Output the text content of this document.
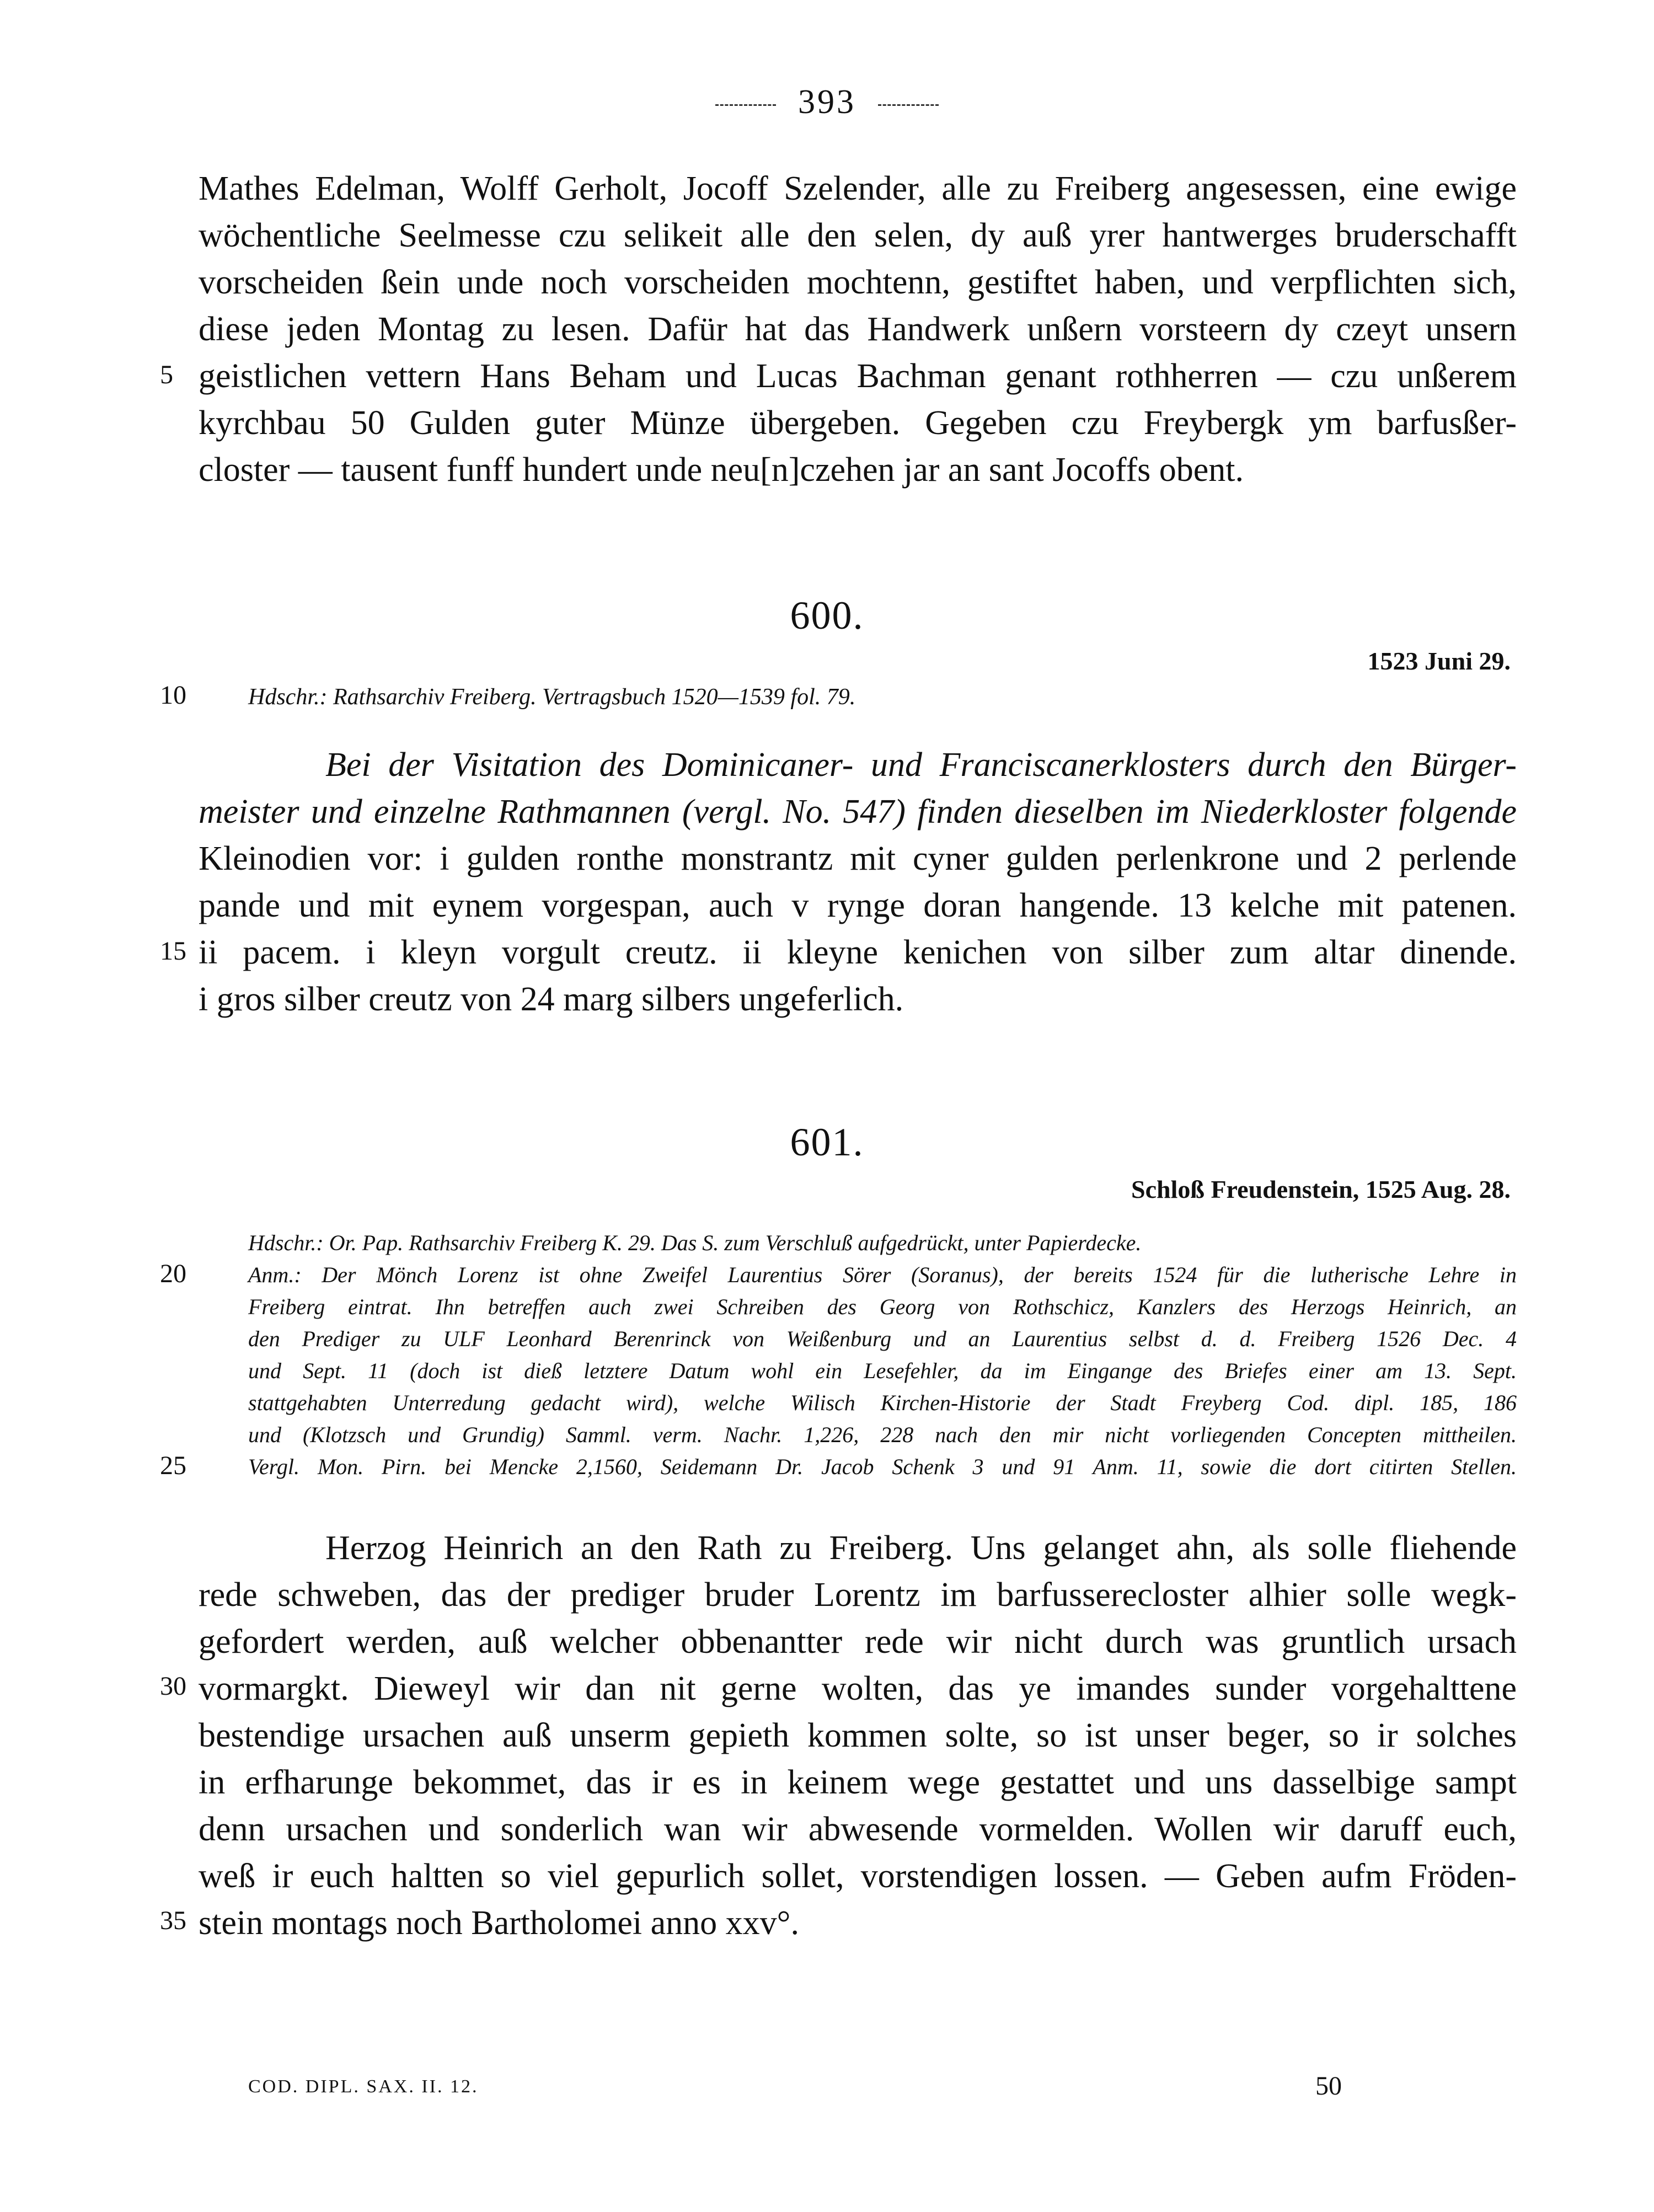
393
Mathes Edelman, Wolff Gerholt, Jocoff Szelender, alle zu Freiberg angesessen, eine ewige
wöchentliche Seelmesse czu selikeit alle den selen, dy auß yrer hantwerges bruderschafft
vorscheiden ßein unde noch vorscheiden mochtenn, gestiftet haben, und verpflichten sich,
diese jeden Montag zu lesen. Dafür hat das Handwerk unßern vorsteern dy czeyt unsern
geistlichen vettern Hans Beham und Lucas Bachman genant rothherren — czu unßerem
kyrchbau 50 Gulden guter Münze übergeben. Gegeben czu Freybergk ym barfusßer-
closter — tausent funff hundert unde neu[n]czehen jar an sant Jocoffs obent.
5
600.
1523 Juni 29.
10	Hdschr.: Rathsarchiv Freiberg. Vertragsbuch 1520—1539 fol. 79.
Bei der Visitation des Dominicaner- und Franciscanerklosters durch den Bürger-
meister und einzelne Rathmannen (vergl. No. 547) finden dieselben im Niederkloster folgende
Kleinodien vor: i gulden ronthe monstrantz mit cyner gulden perlenkrone und 2 perlende
pande und mit eynem vorgespan, auch v rynge doran hangende. 13 kelche mit patenen.
ii pacem. i kleyn vorgult creutz. ii kleyne kenichen von silber zum altar dinende.
i gros silber creutz von 24 marg silbers ungeferlich.
15
601.
Schloß Freudenstein, 1525 Aug. 28.
Hdschr.: Or. Pap. Rathsarchiv Freiberg K. 29. Das S. zum Verschluß aufgedrückt, unter Papierdecke.
Anm.: Der Mönch Lorenz ist ohne Zweifel Laurentius Sörer (Soranus), der bereits 1524 für die lutherische Lehre in
Freiberg eintrat. Ihn betreffen auch zwei Schreiben des Georg von Rothschicz, Kanzlers des Herzogs Heinrich, an
den Prediger zu ULF Leonhard Berenrinck von Weißenburg und an Laurentius selbst d. d. Freiberg 1526 Dec. 4
und Sept. 11 (doch ist dieß letztere Datum wohl ein Lesefehler, da im Eingange des Briefes einer am 13. Sept.
stattgehabten Unterredung gedacht wird), welche Wilisch Kirchen-Historie der Stadt Freyberg Cod. dipl. 185, 186
und (Klotzsch und Grundig) Samml. verm. Nachr. 1,226, 228 nach den mir nicht vorliegenden Concepten mittheilen.
Vergl. Mon. Pirn. bei Mencke 2,1560, Seidemann Dr. Jacob Schenk 3 und 91 Anm. 11, sowie die dort citirten Stellen.
20
25
Herzog Heinrich an den Rath zu Freiberg. Uns gelanget ahn, als solle fliehende
rede schweben, das der prediger bruder Lorentz im barfusserecloster alhier solle wegk-
gefordert werden, auß welcher obbenantter rede wir nicht durch was gruntlich ursach
vormargkt. Dieweyl wir dan nit gerne wolten, das ye imandes sunder vorgehalttene
bestendige ursachen auß unserm gepieth kommen solte, so ist unser beger, so ir solches
in erfharunge bekommet, das ir es in keinem wege gestattet und uns dasselbige sampt
denn ursachen und sonderlich wan wir abwesende vormelden. Wollen wir daruff euch,
weß ir euch haltten so viel gepurlich sollet, vorstendigen lossen. — Geben aufm Fröden-
stein montags noch Bartholomei anno xxv°.
30
35
COD. DIPL. SAX. II. 12.	50
